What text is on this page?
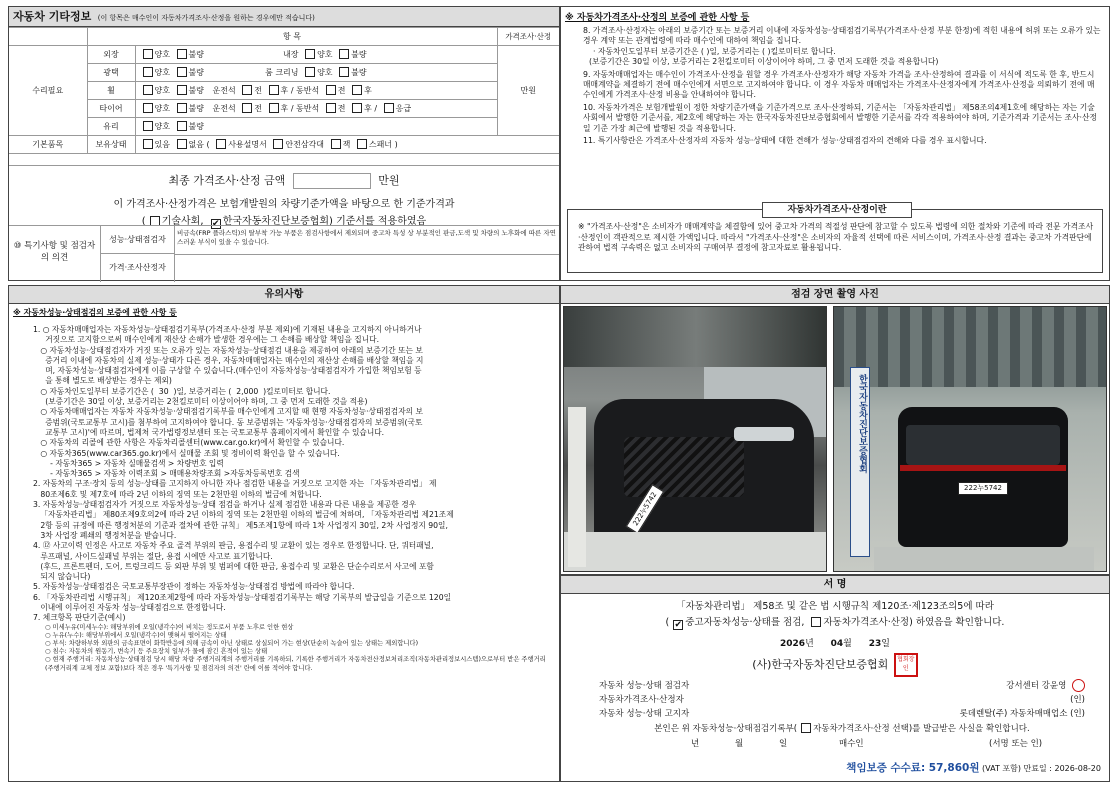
자동차 기타정보 (이 항목은 매수인이 자동차가격조사·산정을 원하는 경우에만 적습니다)
	항 목		가격조사·산정
수리필요	외장	양호 불량 내장 양호 불량	만원
	광택	양호 불량 룸 크리닝 양호 불량	
	휠	양호 불량 운전석 전 후 / 동반석 전 후	
	타이어	양호 불량 운전석 전 후 / 동반석 전 후 / 응급	
	유리	양호 불량	
기본품목	보유상태	있음 없음 ( 사용설명서 안전삼각대 잭 스패너 )	
최종 가격조사·산정 금액	만원
이 가격조사·산정가격은 보험개발원의 차량기준가액을 바탕으로 한 기준가격과
( 기술사회, ✔ 한국자동차진단보증협회) 기준서를 적용하였음
⑩ 특기사항 및 점검자의 의견
성능·상태점검자
비금속(FRP 플라스틱)의 탈부착 가능 부품은 점검사항에서 제외되며 중고차 특성 상 부분적인 판금,도색 및 차량의 노후화에 따른 자연스러운 부식이 있을 수 있습니다.
가격·조사산정자
※ 자동차가격조사·산정의 보증에 관한 사항 등
8. 가격조사·산정자는 아래의 보증기간 또는 보증거리 이내에 자동차성능·상태점검기록부(가격조사·산정 부분 한정)에 적힌 내용에 허위 또는 오류가 있는 경우 계약 또는 관계법령에 따라 매수인에 대하여 책임을 집니다.
· 자동차인도일부터 보증기간은 ( )일, 보증거리는 ( )킬로미터로 합니다.
(보증기간은 30일 이상, 보증거리는 2천킬로미터 이상이어야 하며, 그 중 먼저 도래한 것을 적용합니다)
9. 자동차매매업자는 매수인이 가격조사·산정을 원할 경우 가격조사·산정자가 해당 자동차 가격을 조사·산정하여 결과를 이 서식에 적도록 한 후, 반드시 매매계약을 체결하기 전에 매수인에게 서면으로 고지하여야 합니다. 이 경우 자동차 매매업자는 가격조사·산정자에게 가격조사·산정을 의뢰하기 전에 매수인에게 가격조사·산정 비용을 안내하여야 합니다.
10. 자동차가격은 보험개발원이 정한 차량기준가액을 기준가격으로 조사·산정하되, 기준서는 「자동차관리법」 제58조의4제1호에 해당하는 자는 기술사회에서 발행한 기준서를, 제2호에 해당하는 자는 한국자동차진단보증협회에서 발행한 기준서를 각각 적용하여야 하며, 기준가격과 기준서는 조사·산정일 기준 가장 최근에 발행된 것을 적용합니다.
11. 특기사항란은 가격조사·산정자의 자동차 성능·상태에 대한 견해가 성능·상태점검자의 견해와 다를 경우 표시합니다.
자동차가격조사·산정이란
※ "가격조사·산정"은 소비자가 매매계약을 체결함에 있어 중고차 가격의 적절성 판단에 참고할 수 있도록 법령에 의한 절차와 기준에 따라 전문 가격조사·산정인이 객관적으로 제시한 가액입니다. 따라서 "가격조사·산정"은 소비자의 자율적 선택에 따른 서비스이며, 가격조사·산정 결과는 중고차 가격판단에 관하여 법적 구속력은 없고 소비자의 구매여부 결정에 참고자료로 활용됩니다.
유의사항
※ 자동차성능·상태점검의 보증에 관한 사항 등
1. ○ 자동차매매업자는 자동차성능·상태점검기록부(가격조사·산정 부분 제외)에 기재된 내용을 고지하지 아니하거나
거짓으로 고지함으로써 매수인에게 재산상 손해가 발생한 경우에는 그 손해를 배상할 책임을 집니다.
○ 자동차성능·상태점검자가 거짓 또는 오류가 있는 자동차성능·상태점검 내용을 제공하여 아래의 보증기간 또는 보
증거리 이내에 자동차의 실제 성능·상태가 다른 경우, 자동차매매업자는 매수인의 재산상 손해를 배상할 책임을 지
며, 자동차성능·상태점검자에게 이를 구상할 수 있습니다.(매수인이 자동차성능·상태점검자가 가입한 책임보험 등
을 통해 별도로 배상받는 경우는 제외)
○ 자동차인도일부터 보증기간은 (  30  )일, 보증거리는 (  2,000  )킬로미터로 합니다.
(보증기간은 30일 이상, 보증거리는 2천킬로미터 이상이어야 하며, 그 중 먼저 도래한 것을 적용)
○ 자동차매매업자는 자동차 자동차성능·상태점검기록부를 매수인에게 고지할 때 현행 자동차성능·상태점검자의 보
증범위(국토교통부 고시)를 첨부하여 고지하여야 합니다. 동 보증범위는 '자동차성능·상태점검자의 보증범위(국토
교통부 고시)'에 따르며, 법제처 국가법령정보센터 또는 국토교통부 홈페이지에서 확인할 수 있습니다.
○ 자동차의 리콜에 관한 사항은 자동차리콜센터(www.car.go.kr)에서 확인할 수 있습니다.
○ 자동차365(www.car365.go.kr)에서 실매물 조회 및 정비이력 확인을 할 수 있습니다.
- 자동차365 > 자동차 실매물검색 > 차량번호 입력
- 자동차365 > 자동차 이력조회 > 매매용차량조회 >자동차등록번호 검색
2. 자동차의 구조·장치 등의 성능·상태를 고지하지 아니한 자나 점검한 내용을 거짓으로 고지한 자는 「자동차관리법」 제
80조제6호 및 제7호에 따라 2년 이하의 징역 또는 2천만원 이하의 벌금에 처합니다.
3. 자동차성능·상태점검자가 거짓으로 자동차성능·상태 점검을 하거나 실제 점검한 내용과 다른 내용을 제공한 경우
「자동차관리법」 제80조제9호의2에 따라 2년 이하의 징역 또는 2천만원 이하의 벌금에 처하며, 「자동차관리법 제21조제
2항 등의 규정에 따른 행정처분의 기준과 절차에 관한 규칙」 제5조제1항에 따라 1차 사업정지 30일, 2차 사업정지 90일,
3차 사업장 폐쇄의 행정처분을 받습니다.
4. ⑫ 사고이력 인정은 사고로 자동차 주요 골격 부위의 판금, 용접수리 및 교환이 있는 경우로 한정합니다. 단, 쿼터패널,
루프패널, 사이드실패널 부위는 절단, 용접 시에만 사고로 표기합니다.
(후드, 프론트펜더, 도어, 트렁크리드 등 외판 부위 및 범퍼에 대한 판금, 용접수리 및 교환은 단순수리로서 사고에 포함
되지 않습니다)
5. 자동차성능·상태점검은 국토교통부장관이 정하는 자동차성능·상태점검 방법에 따라야 합니다.
6. 「자동차관리법 시행규칙」 제120조제2항에 따라 자동차성능·상태점검기록부는 해당 기록부의 발급일을 기준으로 120일
이내에 이루어진 자동차 성능·상태점검으로 한정합니다.
7. 체크항목 판단기준(예시)
○ 미세누유(미세누수): 해당부위에 오일(냉각수)이 비치는 정도로서 부품 노후로 인한 현상
○ 누유(누수): 해당부위에서 오일(냉각수)이 맺혀서 떨어지는 상태
○ 부식: 차량하부와 외판의 금속표면이 화학반응에 의해 금속이 아닌 상태로 상실되어 가는 현상(단순히 녹슬어 있는 상태는 제외합니다)
○ 침수: 자동차의 원동기, 변속기 등 주요장치 일부가 물에 잠긴 흔적이 있는 상태
○ 현재 주행거리: 자동차성능·상태점검 당시 해당 차량 주행거리계의 주행거리를 기록하되, 기록한 주행거리가 자동차전산정보처리조직(자동차관리정보시스템)으로부터 받은 주행거리(주행거리계 교체 정보 포함)보다 적은 경우 '특기사항 및 점검자의 의견' 란에 이를 적어야 합니다.
점검 장면 촬영 사진
222누5742
한국자동차진단보증협회
222누5742
서 명
「자동차관리법」 제58조 및 같은 법 시행규칙 제120조·제123조의5에 따라
( ✔ 중고자동차성능·상태를 점검, 자동차가격조사·산정) 하였음을 확인합니다.
2026년 04월 23일
(사)한국자동차진단보증협회 협회장인
자동차 성능·상태 점검자	강서센터 강윤영
자동차가격조사·산정자	(인)
자동차 성능·상태 고지자	롯데렌탈(주) 자동차매매업소 (인)
본인은 위 자동차성능·상태점검기록부( 자동차가격조사·산정 선택)를 발급받은 사실을 확인합니다.
년	월	일	매수인	(서명 또는 인)
책임보증 수수료: 57,860원 (VAT 포함) 만료일 : 2026-08-20
